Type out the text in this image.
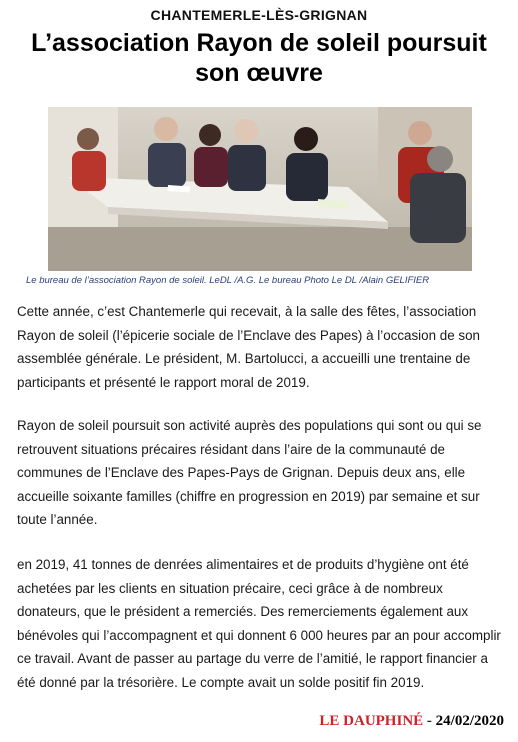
CHANTEMERLE-LÈS-GRIGNAN
L’association Rayon de soleil poursuit son œuvre
Le bureau de l’association Rayon de soleil. LeDL /A.G. Le bureau Photo Le DL /Alain GELIFIER

Cette année, c’est Chantemerle qui recevait, à la salle des fêtes, l’association Rayon de soleil (l’épicerie sociale de l’Enclave des Papes) à l’occasion de son assemblée générale. Le président, M. Bartolucci, a accueilli une trentaine de participants et présenté le rapport moral de 2019.

Rayon de soleil poursuit son activité auprès des populations qui sont ou qui se retrouvent situations précaires résidant dans l’aire de la communauté de communes de l’Enclave des Papes-Pays de Grignan. Depuis deux ans, elle accueille soixante familles (chiffre en progression en 2019) par semaine et sur toute l’année.

en 2019, 41 tonnes de denrées alimentaires et de produits d’hygiène ont été achetées par les clients en situation précaire, ceci grâce à de nombreux donateurs, que le président a remerciés. Des remerciements également aux bénévoles qui l’accompagnent et qui donnent 6 000 heures par an pour accomplir ce travail. Avant de passer au partage du verre de l’amitié, le rapport financier a été donné par la trésorière. Le compte avait un solde positif fin 2019.

LE DAUPHINÉ - 24/02/2020
